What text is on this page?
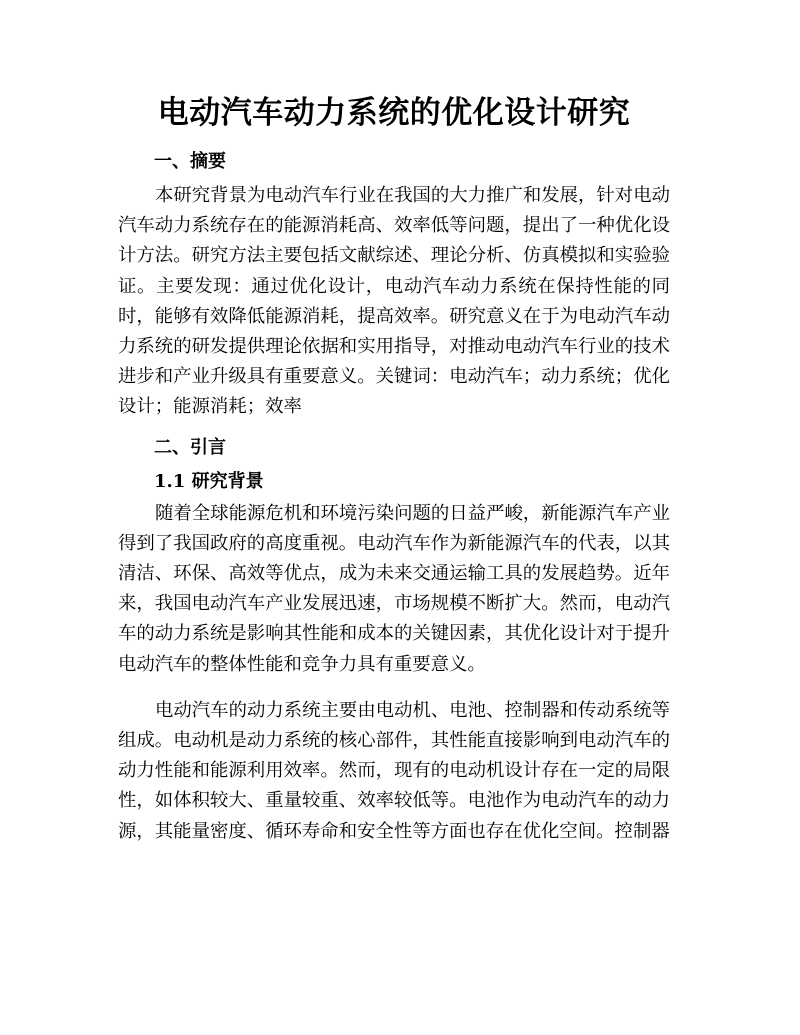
电动汽车动力系统的优化设计研究
一、摘要

本研究背景为电动汽车行业在我国的大力推广和发展，针对电动汽车动力系统存在的能源消耗高、效率低等问题，提出了一种优化设计方法。研究方法主要包括文献综述、理论分析、仿真模拟和实验验证。主要发现：通过优化设计，电动汽车动力系统在保持性能的同时，能够有效降低能源消耗，提高效率。研究意义在于为电动汽车动力系统的研发提供理论依据和实用指导，对推动电动汽车行业的技术进步和产业升级具有重要意义。关键词：电动汽车；动力系统；优化设计；能源消耗；效率

二、引言
1.1 研究背景

随着全球能源危机和环境污染问题的日益严峻，新能源汽车产业得到了我国政府的高度重视。电动汽车作为新能源汽车的代表，以其清洁、环保、高效等优点，成为未来交通运输工具的发展趋势。近年来，我国电动汽车产业发展迅速，市场规模不断扩大。然而，电动汽车的动力系统是影响其性能和成本的关键因素，其优化设计对于提升电动汽车的整体性能和竞争力具有重要意义。

电动汽车的动力系统主要由电动机、电池、控制器和传动系统等组成。电动机是动力系统的核心部件，其性能直接影响到电动汽车的动力性能和能源利用效率。然而，现有的电动机设计存在一定的局限性，如体积较大、重量较重、效率较低等。电池作为电动汽车的动力源，其能量密度、循环寿命和安全性等方面也存在优化空间。控制器
